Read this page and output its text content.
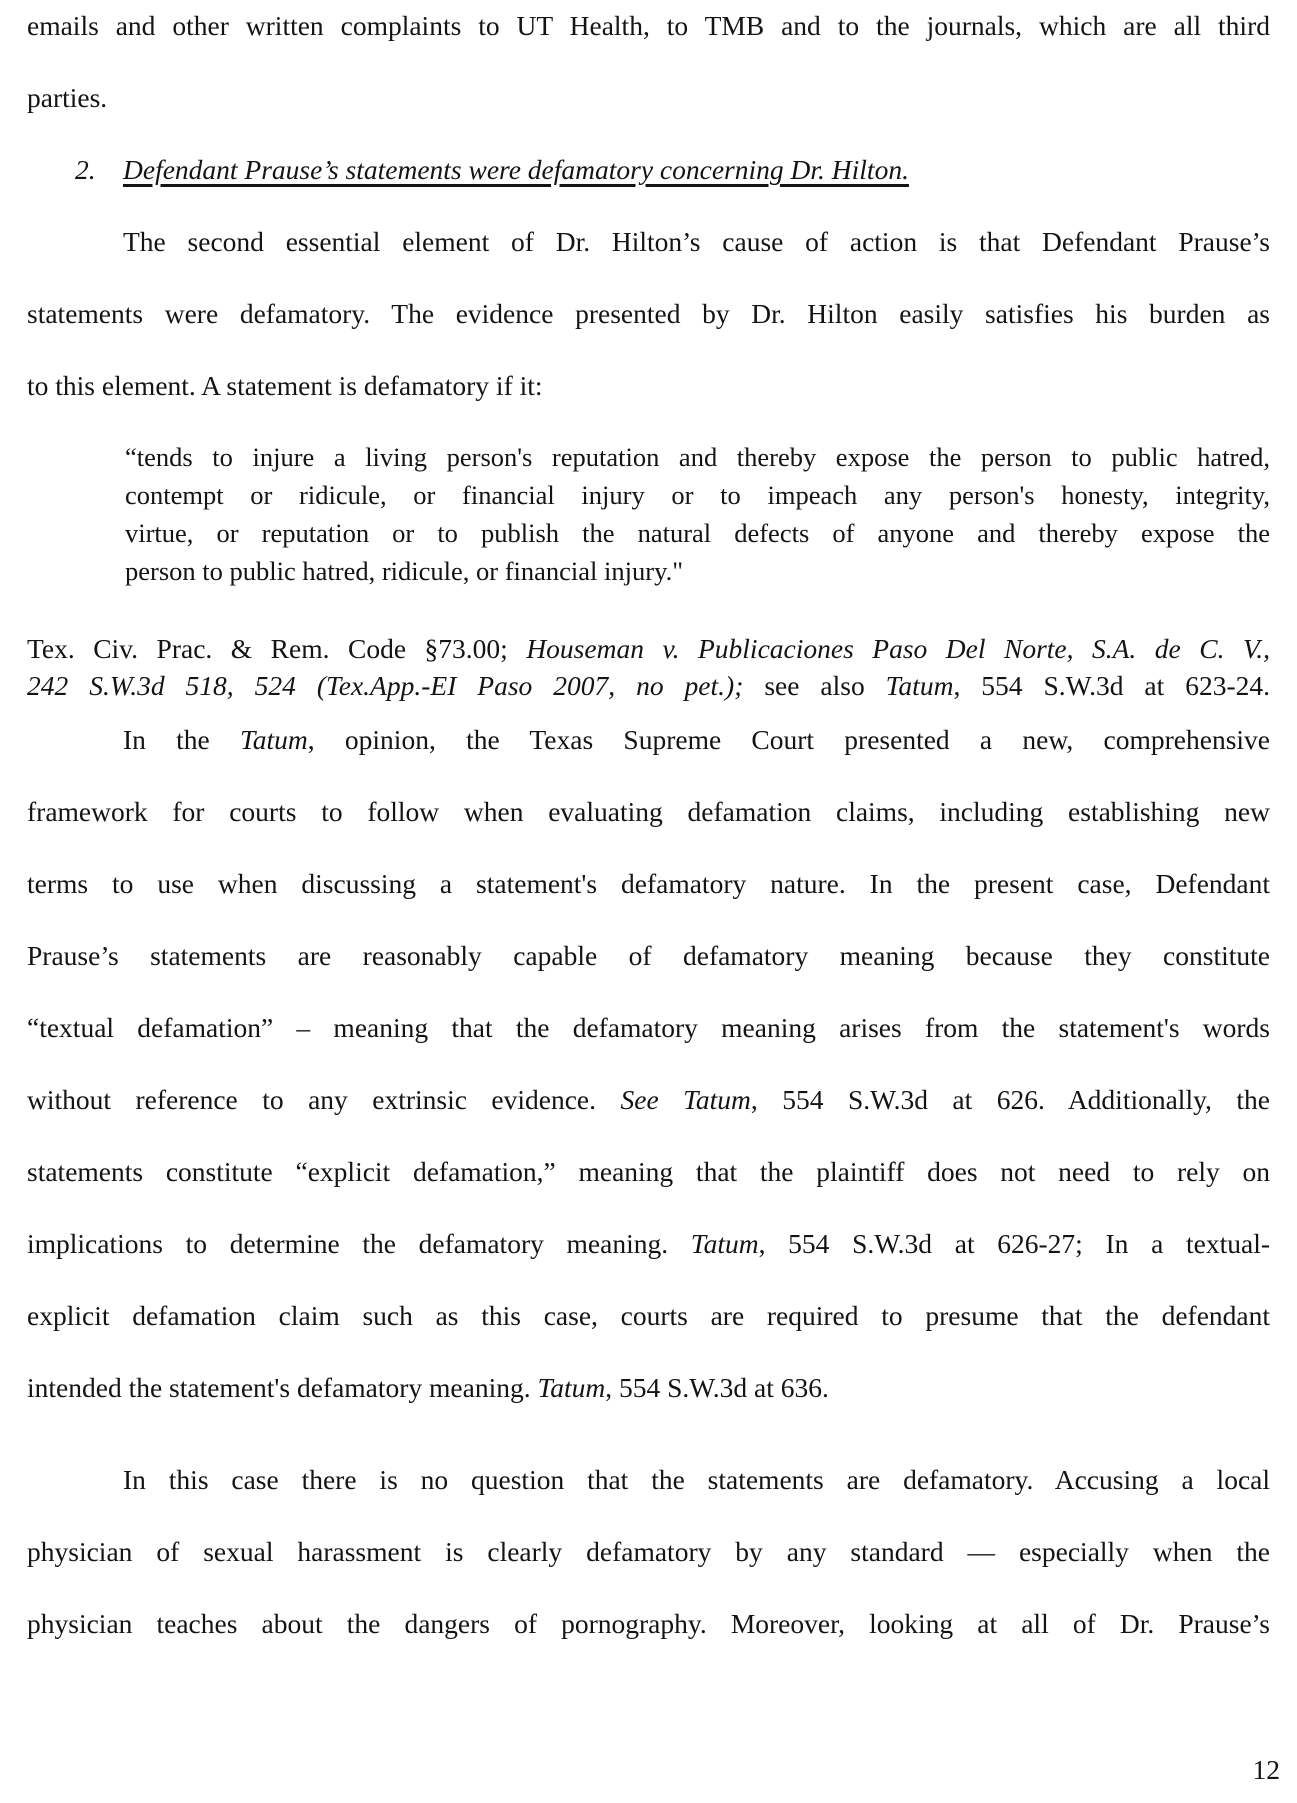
emails and other written complaints to UT Health, to TMB and to the journals, which are all third
parties.
2. Defendant Prause’s statements were defamatory concerning Dr. Hilton.
The second essential element of Dr. Hilton’s cause of action is that Defendant Prause’s
statements were defamatory. The evidence presented by Dr. Hilton easily satisfies his burden as
to this element. A statement is defamatory if it:
“tends to injure a living person's reputation and thereby expose the person to public hatred,
contempt or ridicule, or financial injury or to impeach any person's honesty, integrity,
virtue, or reputation or to publish the natural defects of anyone and thereby expose the
person to public hatred, ridicule, or financial injury."
Tex. Civ. Prac. & Rem. Code §73.00; Houseman v. Publicaciones Paso Del Norte, S.A. de C. V.,
242 S.W.3d 518, 524 (Tex.App.-EI Paso 2007, no pet.); see also Tatum, 554 S.W.3d at 623-24.
In the Tatum, opinion, the Texas Supreme Court presented a new, comprehensive
framework for courts to follow when evaluating defamation claims, including establishing new
terms to use when discussing a statement's defamatory nature. In the present case, Defendant
Prause’s statements are reasonably capable of defamatory meaning because they constitute
“textual defamation” – meaning that the defamatory meaning arises from the statement's words
without reference to any extrinsic evidence. See Tatum, 554 S.W.3d at 626. Additionally, the
statements constitute “explicit defamation,” meaning that the plaintiff does not need to rely on
implications to determine the defamatory meaning. Tatum, 554 S.W.3d at 626-27; In a textual-
explicit defamation claim such as this case, courts are required to presume that the defendant
intended the statement's defamatory meaning. Tatum, 554 S.W.3d at 636.
In this case there is no question that the statements are defamatory. Accusing a local
physician of sexual harassment is clearly defamatory by any standard — especially when the
physician teaches about the dangers of pornography. Moreover, looking at all of Dr. Prause’s
12
